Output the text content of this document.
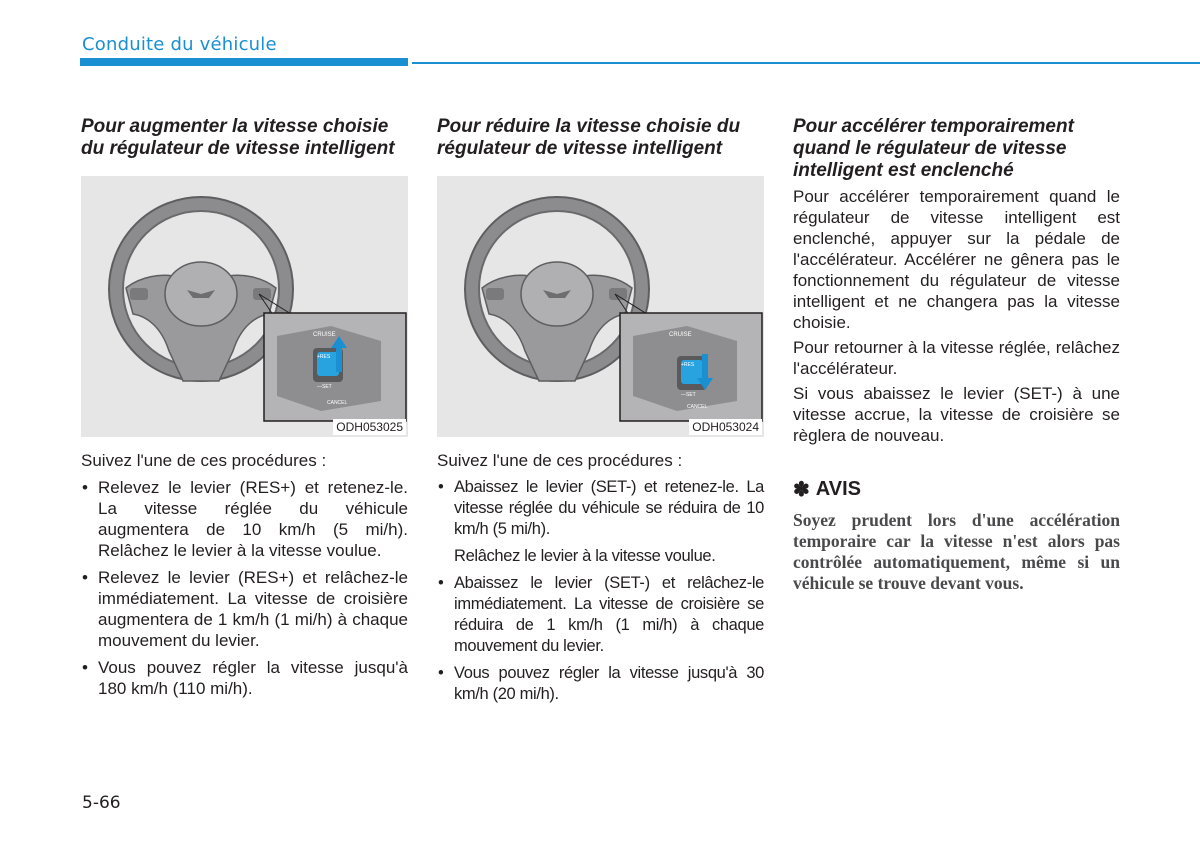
Conduite du véhicule
Pour augmenter la vitesse choisie du régulateur de vitesse intelligent
CRUISE
+RES
—SET
CANCEL
ODH053025

Suivez l'une de ces procédures :

• Relevez le levier (RES+) et retenez-le. La vitesse réglée du véhicule augmentera de 10 km/h (5 mi/h). Relâchez le levier à la vitesse voulue.
• Relevez le levier (RES+) et relâchez-le immédiatement. La vitesse de croisière augmentera de 1 km/h (1 mi/h) à chaque mouvement du levier.
• Vous pouvez régler la vitesse jusqu'à 180 km/h (110 mi/h).
Pour réduire la vitesse choisie du régulateur de vitesse intelligent
CRUISE
+RES
—SET
CANCEL
ODH053024

Suivez l'une de ces procédures :

• Abaissez le levier (SET-) et retenez-le. La vitesse réglée du véhicule se réduira de 10 km/h (5 mi/h).

Relâchez le levier à la vitesse voulue.

• Abaissez le levier (SET-) et relâchez-le immédiatement. La vitesse de croisière se réduira de 1 km/h (1 mi/h) à chaque mouvement du levier.
• Vous pouvez régler la vitesse jusqu'à 30 km/h (20 mi/h).
Pour accélérer temporairement quand le régulateur de vitesse intelligent est enclenché

Pour accélérer temporairement quand le régulateur de vitesse intelligent est enclenché, appuyer sur la pédale de l'accélérateur. Accélérer ne gênera pas le fonctionnement du régulateur de vitesse intelligent et ne changera pas la vitesse choisie.

Pour retourner à la vitesse réglée, relâchez l'accélérateur.

Si vous abaissez le levier (SET-) à une vitesse accrue, la vitesse de croisière se règlera de nouveau.

✽ AVIS
Soyez prudent lors d'une accélération temporaire car la vitesse n'est alors pas contrôlée automatiquement, même si un véhicule se trouve devant vous.
5-66
